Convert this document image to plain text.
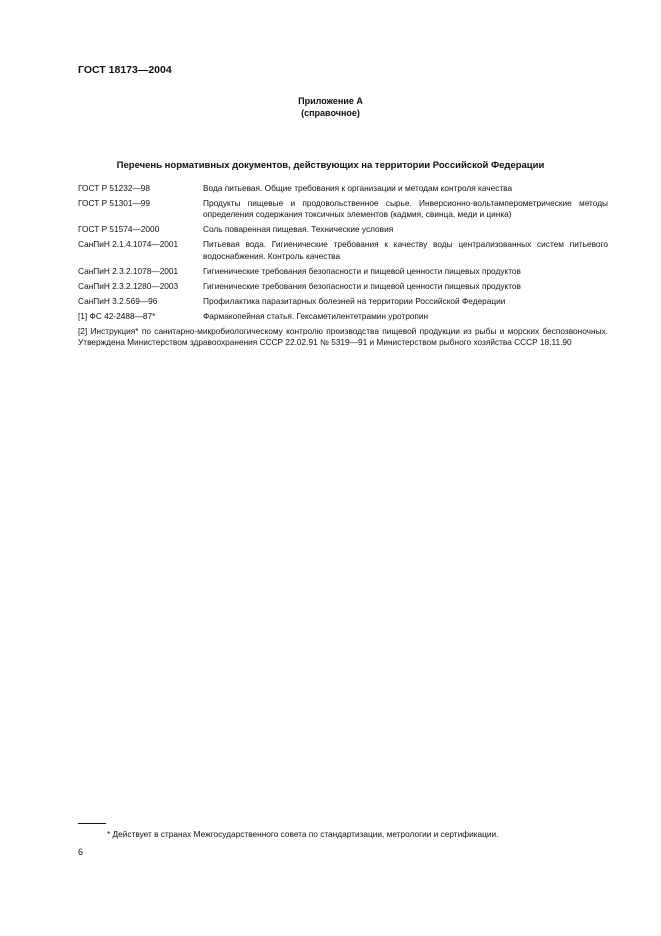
ГОСТ 18173—2004
Приложение А
(справочное)
Перечень нормативных документов, действующих на территории Российской Федерации
ГОСТ Р 51232—98	Вода питьевая. Общие требования к организации и методам контроля качества
ГОСТ Р 51301—99	Продукты пищевые и продовольственное сырье. Инверсионно-вольтамперометрические методы определения содержания токсичных элементов (кадмия, свинца, меди и цинка)
ГОСТ Р 51574—2000	Соль поваренная пищевая. Технические условия
СанПиН 2.1.4.1074—2001	Питьевая вода. Гигиенические требования к качеству воды централизованных систем питьевого водоснабжения. Контроль качества
СанПиН 2.3.2.1078—2001	Гигиенические требования безопасности и пищевой ценности пищевых продуктов
СанПиН 2.3.2.1280—2003	Гигиенические требования безопасности и пищевой ценности пищевых продуктов
СанПиН 3.2.569—96	Профилактика паразитарных болезней на территории Российской Федерации
[1] ФС 42-2488—87*	Фармакопейная статья. Гексаметилентетрамин уротропин
[2] Инструкция* по санитарно-микробиологическому контролю производства пищевой продукции из рыбы и морских беспозвоночных. Утверждена Министерством здравоохранения СССР 22.02.91 № 5319—91 и Министерством рыбного хозяйства СССР 18.11.90
* Действует в странах Межгосударственного совета по стандартизации, метрологии и сертификации.
6
